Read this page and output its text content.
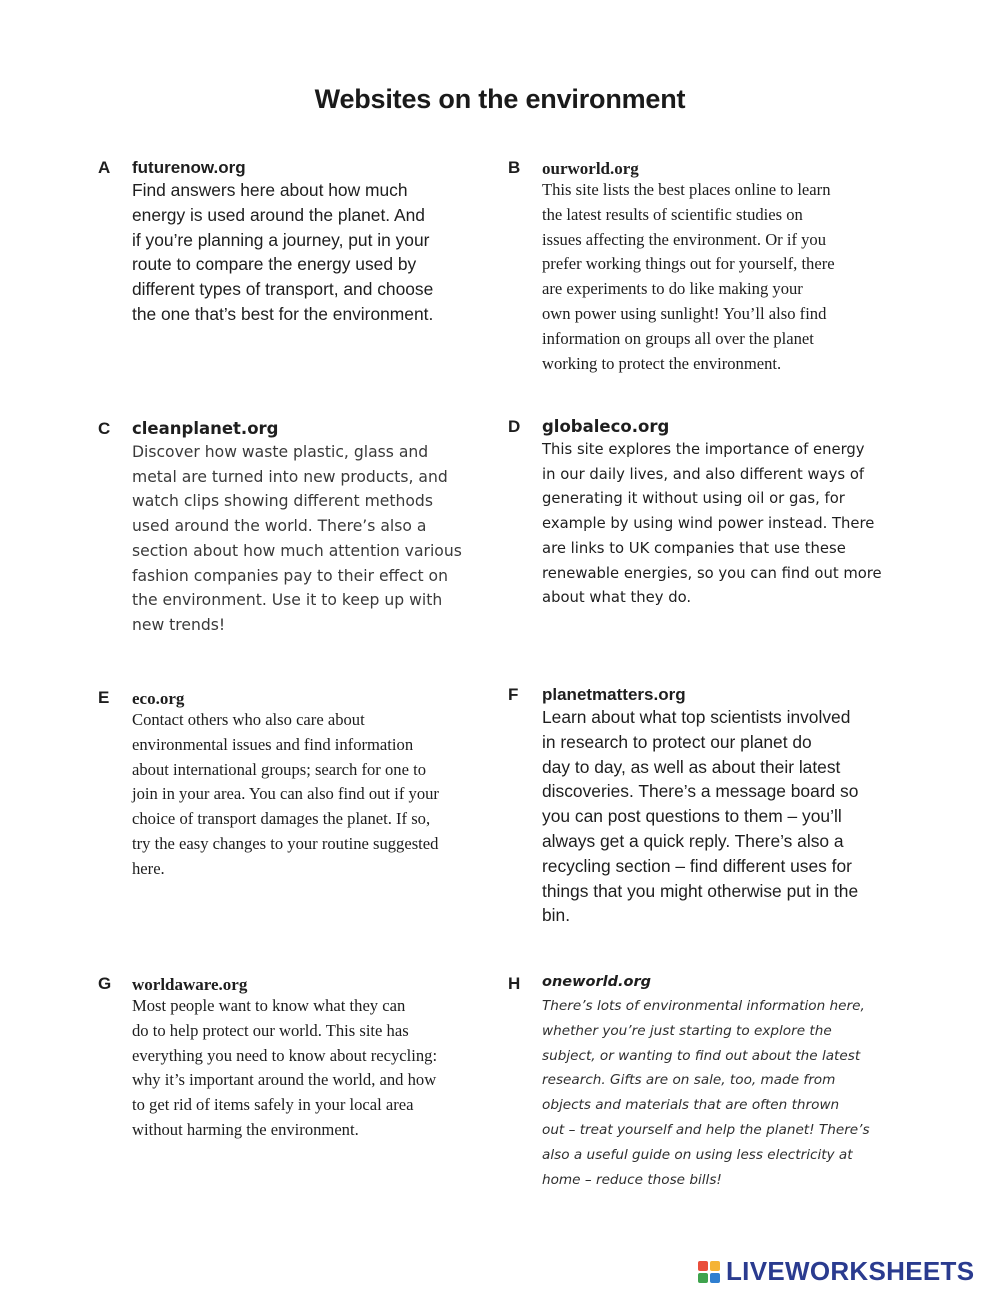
Websites on the environment
A futurenow.org
Find answers here about how much
energy is used around the planet. And
if you’re planning a journey, put in your
route to compare the energy used by
different types of transport, and choose
the one that’s best for the environment.
B ourworld.org
This site lists the best places online to learn
the latest results of scientific studies on
issues affecting the environment. Or if you
prefer working things out for yourself, there
are experiments to do like making your
own power using sunlight! You’ll also find
information on groups all over the planet
working to protect the environment.
C cleanplanet.org
Discover how waste plastic, glass and
metal are turned into new products, and
watch clips showing different methods
used around the world. There’s also a
section about how much attention various
fashion companies pay to their effect on
the environment. Use it to keep up with
new trends!
D globaleco.org
This site explores the importance of energy
in our daily lives, and also different ways of
generating it without using oil or gas, for
example by using wind power instead. There
are links to UK companies that use these
renewable energies, so you can find out more
about what they do.
E eco.org
Contact others who also care about
environmental issues and find information
about international groups; search for one to
join in your area. You can also find out if your
choice of transport damages the planet. If so,
try the easy changes to your routine suggested
here.
F planetmatters.org
Learn about what top scientists involved
in research to protect our planet do
day to day, as well as about their latest
discoveries. There’s a message board so
you can post questions to them – you’ll
always get a quick reply. There’s also a
recycling section – find different uses for
things that you might otherwise put in the
bin.
G worldaware.org
Most people want to know what they can
do to help protect our world. This site has
everything you need to know about recycling:
why it’s important around the world, and how
to get rid of items safely in your local area
without harming the environment.
H oneworld.org
There’s lots of environmental information here,
whether you’re just starting to explore the
subject, or wanting to find out about the latest
research. Gifts are on sale, too, made from
objects and materials that are often thrown
out – treat yourself and help the planet! There’s
also a useful guide on using less electricity at
home – reduce those bills!
LIVEWORKSHEETS
